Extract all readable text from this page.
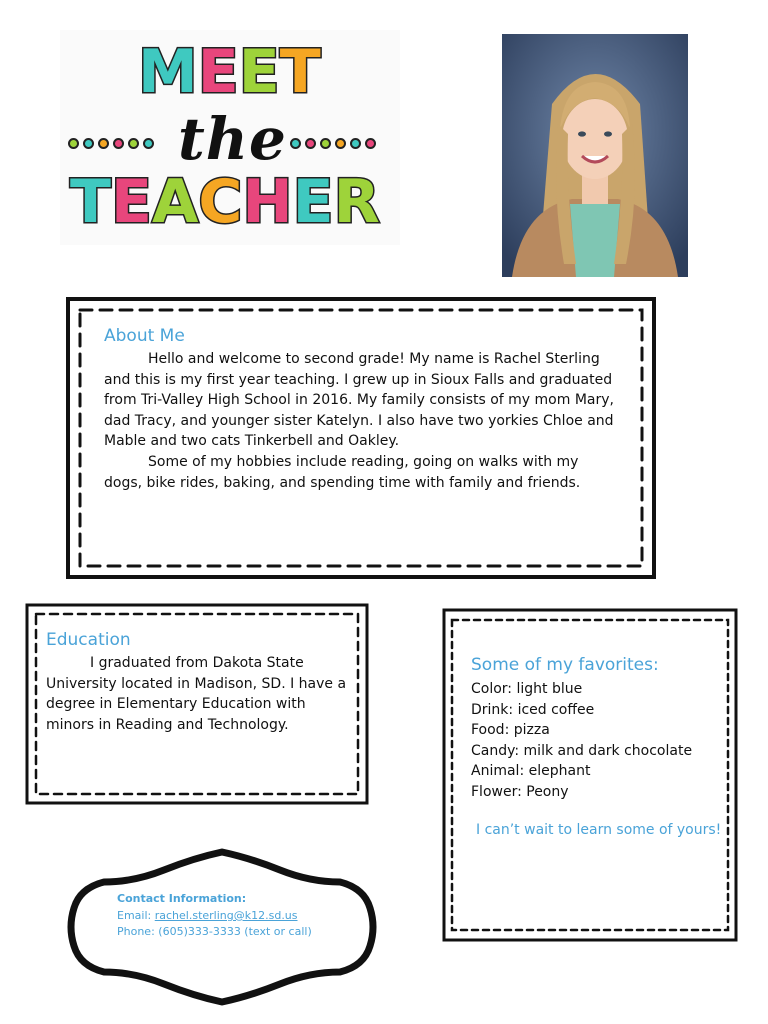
M E E T
the
T E A C H E R
About Me

Hello and welcome to second grade! My name is Rachel Sterling and this is my first year teaching. I grew up in Sioux Falls and graduated from Tri-Valley High School in 2016. My family consists of my mom Mary, dad Tracy, and younger sister Katelyn. I also have two yorkies Chloe and Mable and two cats Tinkerbell and Oakley.

Some of my hobbies include reading, going on walks with my dogs, bike rides, baking, and spending time with family and friends.

Education

I graduated from Dakota State University located in Madison, SD. I have a degree in Elementary Education with minors in Reading and Technology.

Some of my favorites:

Color: light blue

Drink: iced coffee

Food: pizza

Candy: milk and dark chocolate

Animal: elephant

Flower: Peony

I can’t wait to learn some of yours!
Contact Information:
Email: rachel.sterling@k12.sd.us
Phone: (605)333-3333 (text or call)
